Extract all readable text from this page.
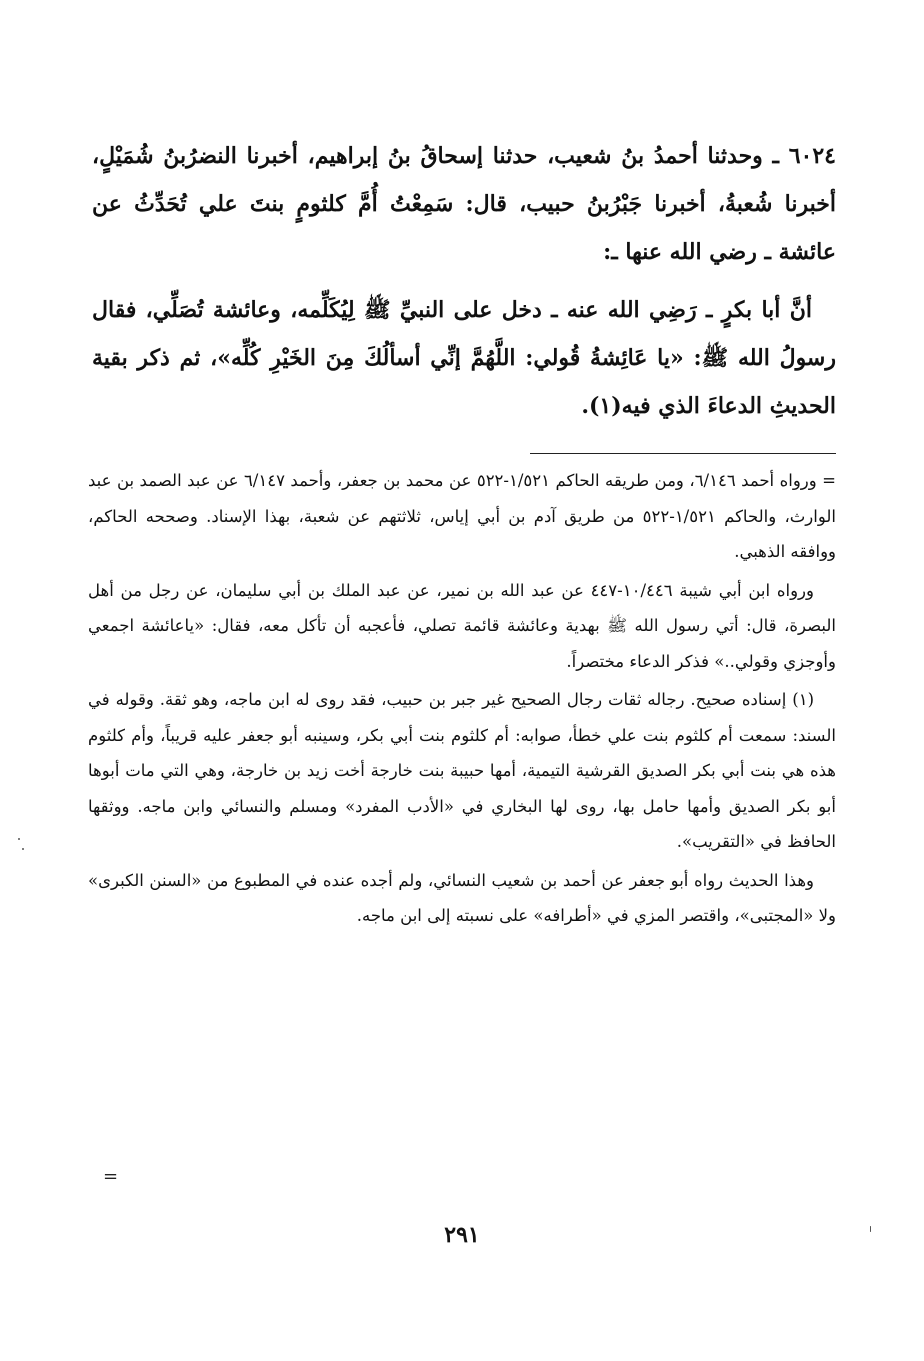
٦٠٢٤ ـ وحدثنا أحمدُ بنُ شعيب، حدثنا إسحاقُ بنُ إبراهيم، أخبرنا النضرُبنُ شُمَيْلٍ، أخبرنا شُعبةُ، أخبرنا جَبْرُبنُ حبيب، قال: سَمِعْتُ أُمَّ كلثومٍ بنتَ علي تُحَدِّثُ عن عائشة ـ رضي الله عنها ـ:

أنَّ أبا بكرٍ ـ رَضِي الله عنه ـ دخل على النبيِّ ﷺ لِيُكَلِّمه، وعائشة تُصَلِّي، فقال رسولُ الله ﷺ: «يا عَائِشةُ قُولي: اللَّهُمَّ إنِّي أسألُكَ مِنَ الخَيْرِ كُلِّه»، ثم ذكر بقية الحديثِ الدعاءَ الذي فيه(١).

= ورواه أحمد ٦/١٤٦، ومن طريقه الحاكم ١/٥٢١-٥٢٢ عن محمد بن جعفر، وأحمد ٦/١٤٧ عن عبد الصمد بن عبد الوارث، والحاكم ١/٥٢١-٥٢٢ من طريق آدم بن أبي إياس، ثلاثتهم عن شعبة، بهذا الإسناد. وصححه الحاكم، ووافقه الذهبي.

ورواه ابن أبي شيبة ١٠/٤٤٦-٤٤٧ عن عبد الله بن نمير، عن عبد الملك بن أبي سليمان، عن رجل من أهل البصرة، قال: أتي رسول الله ﷺ بهدية وعائشة قائمة تصلي، فأعجبه أن تأكل معه، فقال: «ياعائشة اجمعي وأوجزي وقولي..» فذكر الدعاء مختصراً.

(١) إسناده صحيح. رجاله ثقات رجال الصحيح غير جبر بن حبيب، فقد روى له ابن ماجه، وهو ثقة. وقوله في السند: سمعت أم كلثوم بنت علي خطأ، صوابه: أم كلثوم بنت أبي بكر، وسينبه أبو جعفر عليه قريباً، وأم كلثوم هذه هي بنت أبي بكر الصديق القرشية التيمية، أمها حبيبة بنت خارجة أخت زيد بن خارجة، وهي التي مات أبوها أبو بكر الصديق وأمها حامل بها، روى لها البخاري في «الأدب المفرد» ومسلم والنسائي وابن ماجه. ووثقها الحافظ في «التقريب».

وهذا الحديث رواه أبو جعفر عن أحمد بن شعيب النسائي، ولم أجده عنده في المطبوع من «السنن الكبرى» ولا «المجتبى»، واقتصر المزي في «أطرافه» على نسبته إلى ابن ماجه.

=
٢٩١
